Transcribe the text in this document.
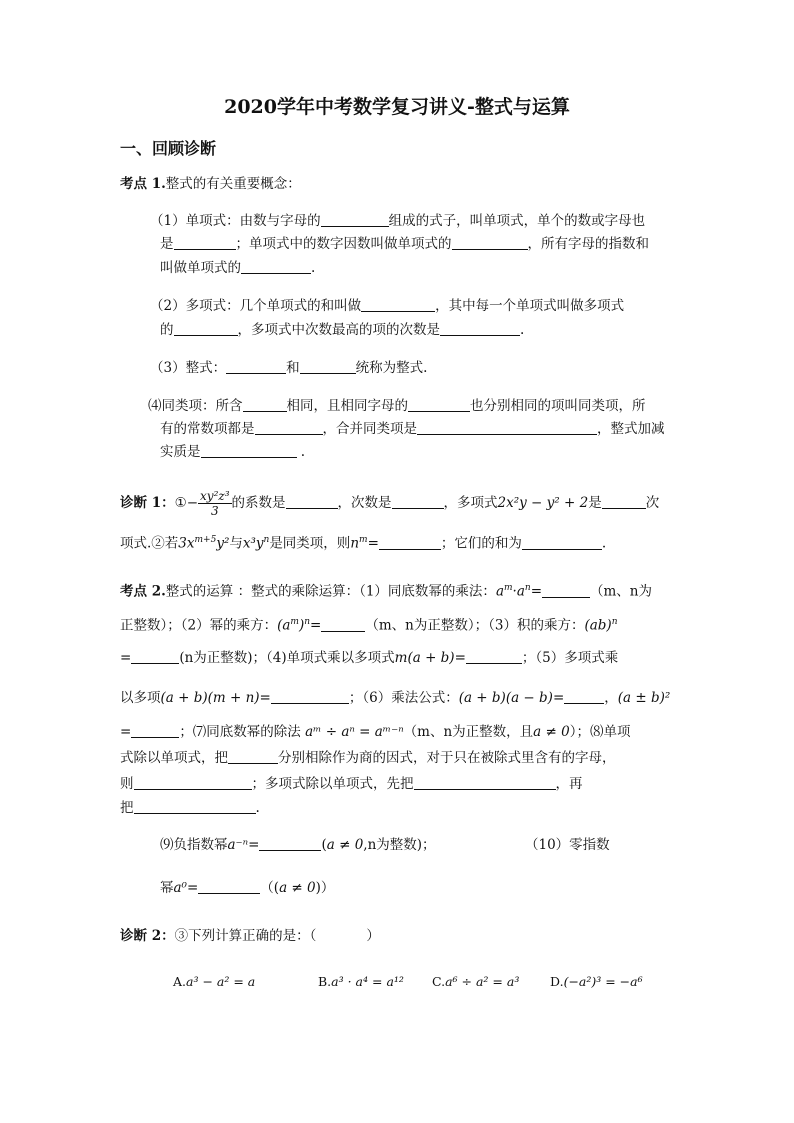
2020学年中考数学复习讲义-整式与运算
一、回顾诊断
考点 1.整式的有关重要概念：
（1）单项式：由数与字母的	组成的式子，叫单项式，单个的数或字母也
是	；单项式中的数字因数叫做单项式的	，所有字母的指数和
叫做单项式的	.
（2）多项式：几个单项式的和叫做	，其中每一个单项式叫做多项式
的	，多项式中次数最高的项的次数是	.
（3）整式：	和	统称为整式.
⑷同类项：所含	相同，且相同字母的	也分别相同的项叫同类项，所
有的常数项都是	，合并同类项是	，整式加减
实质是	.
诊断 1：①− $\frac{\text{xy²z³}}{3}$ 的系数是	，次数是	，多项式2x²y − y² + 2是	次
项式.②若$3x^{m+5}y^2$与$x^3y^n$是同类项，则$n^m=$	；它们的和为	.
考点 2.整式的运算 ：整式的乘除运算：（1）同底数幂的乘法：$a^m\cdot a^n=$	（m、n为
正整数）；（2）幂的乘方：$(a^m)^n=$	（m、n为正整数）；（3）积的乘方：(ab)$^n$
=	(n为正整数)；（4)单项式乘以多项式m(a + b)=	；（5）多项式乘
以多项(a + b)(m + n)=	；（6）乘法公式：(a + b)(a − b)=	，(a ± b)²
=	；⑺同底数幂的除法 aᵐ ÷ aⁿ = aᵐ⁻ⁿ（m、n为正整数，且a ≠ 0）；⑻单项
式除以单项式，把	分别相除作为商的因式，对于只在被除式里含有的字母，
则	；多项式除以单项式，先把	，再
把	.
⑼负指数幂a⁻ⁿ=	(a ≠ 0,n为整数)；	（10）零指数
幂a⁰=	（(a ≠ 0)）
诊断 2：③下列计算正确的是：（	）
A.a³ − a² = a	B.a³ · a⁴ = a¹² C.a⁶ ÷ a² = a³ D.(−a²)³ = −a⁶
